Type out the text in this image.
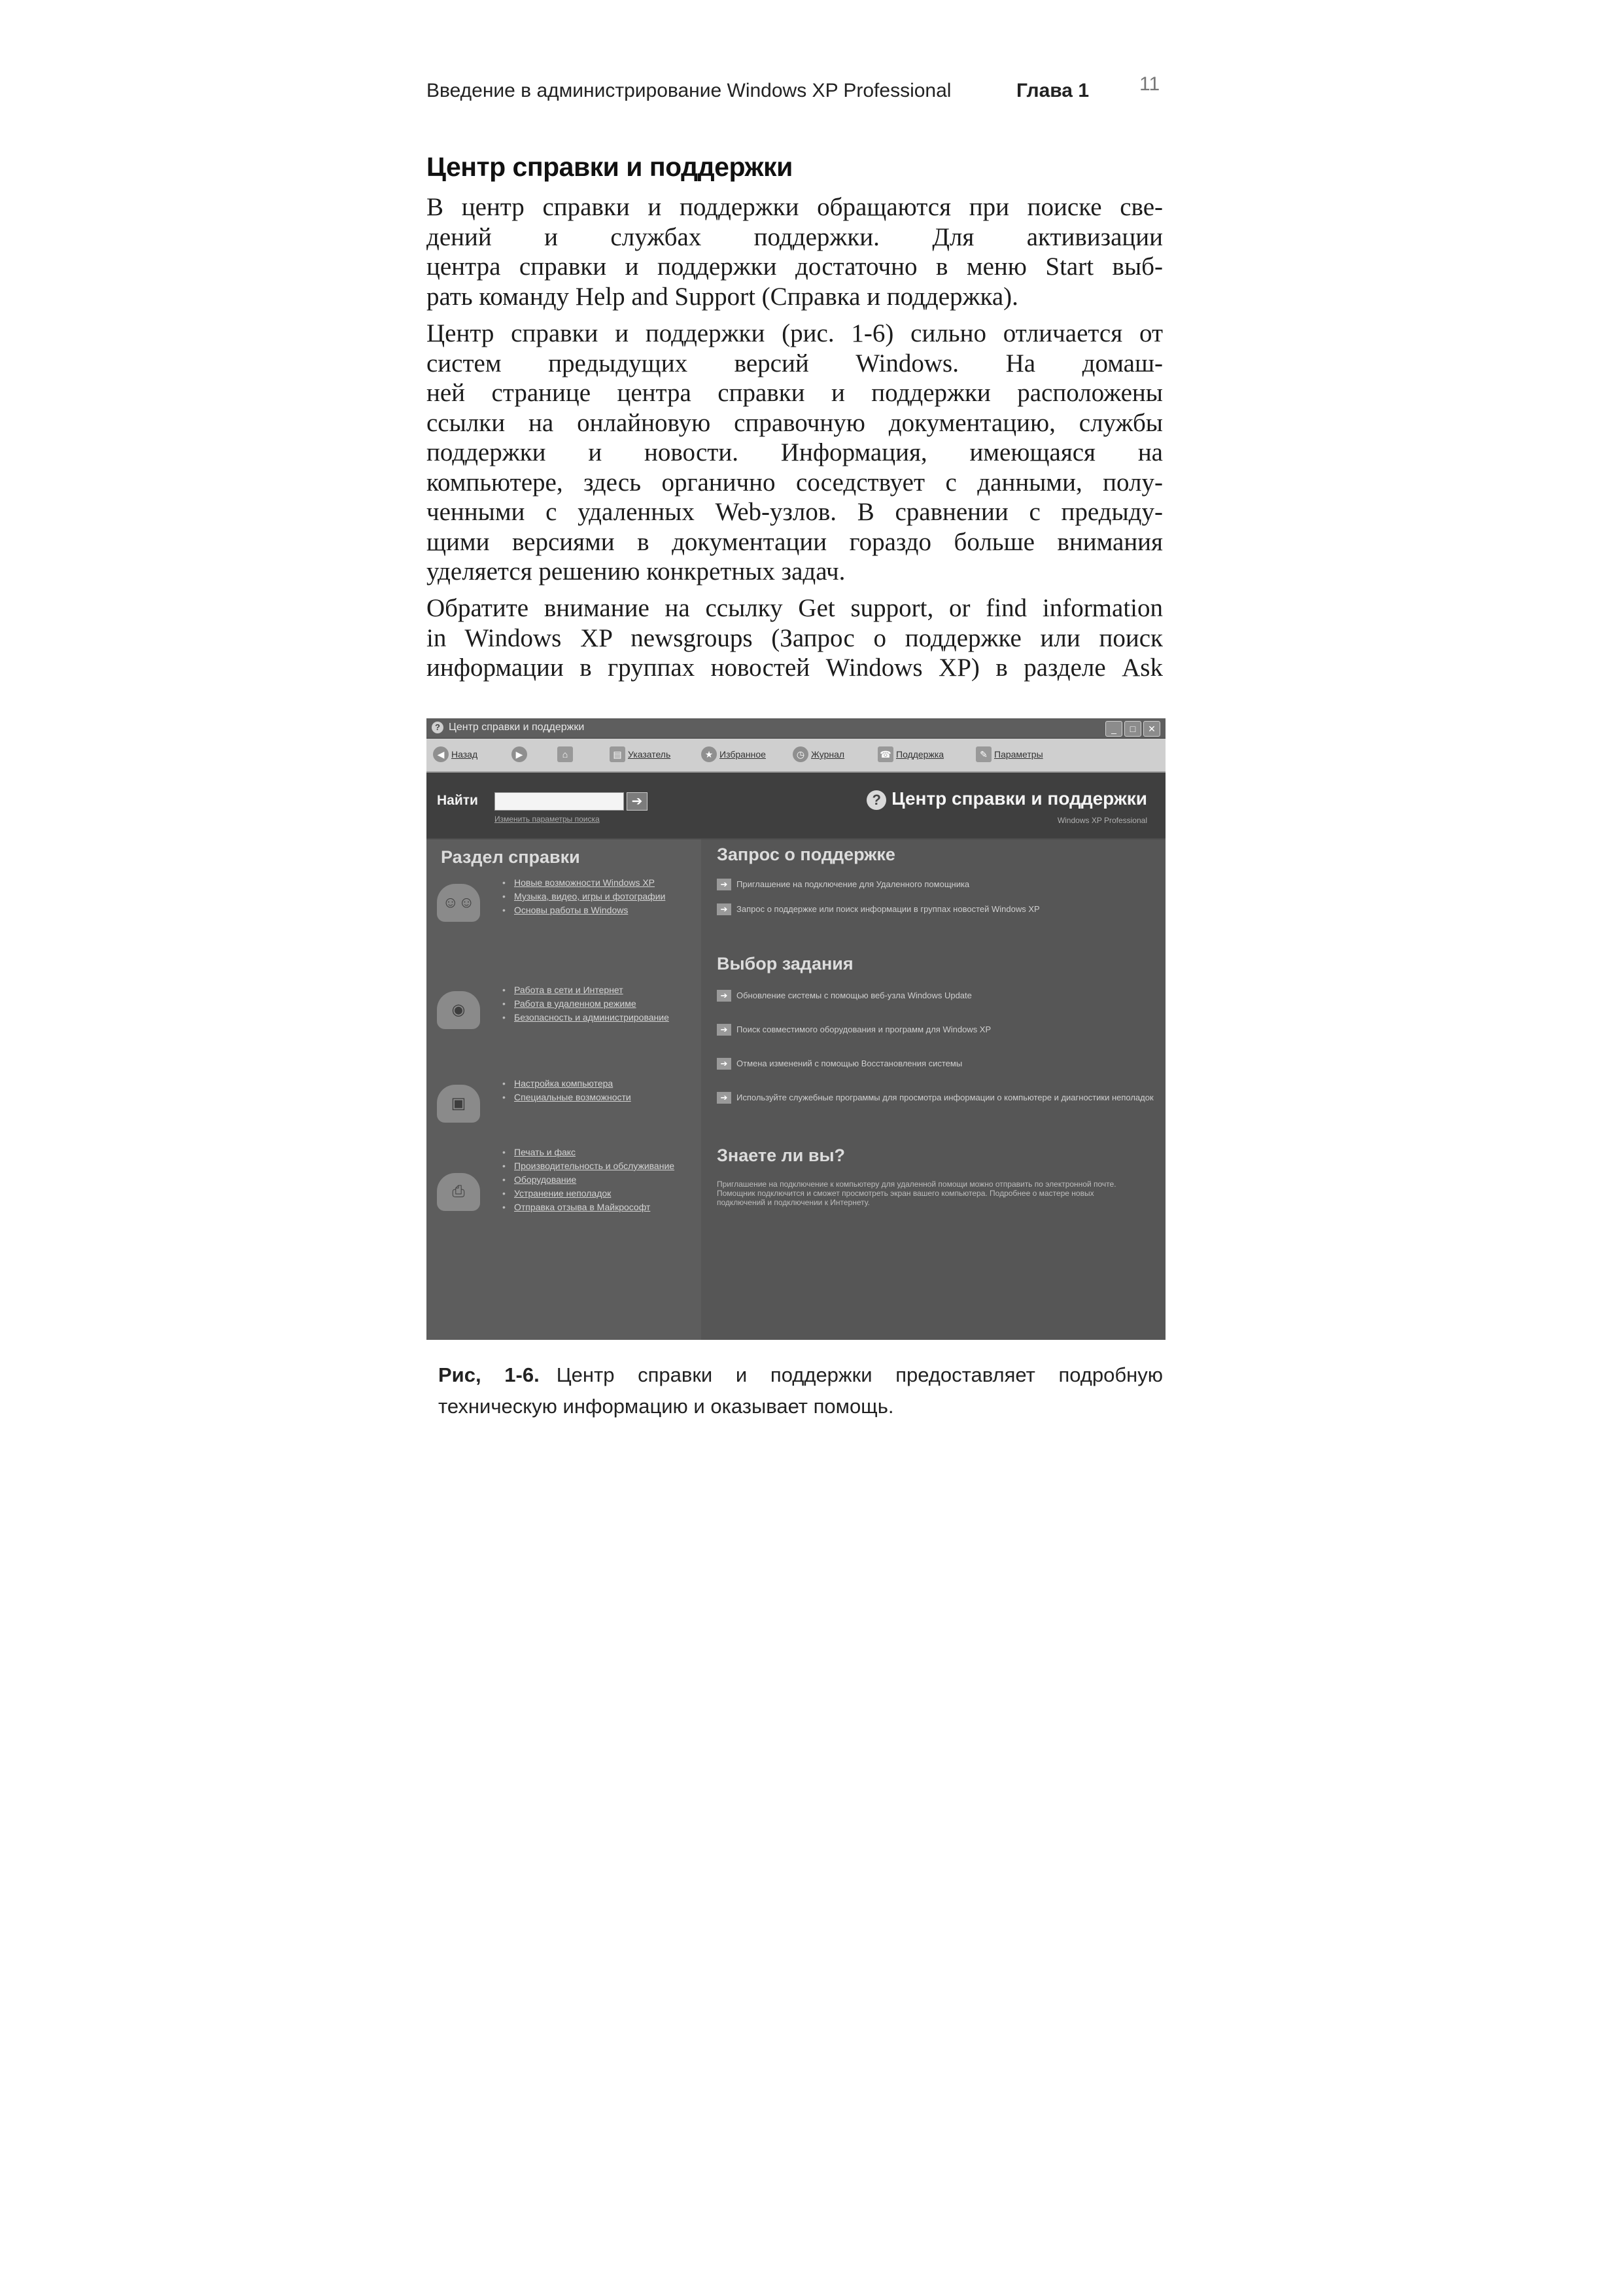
Введение в администрирование Windows XP Professional	Глава 1	11
Центр справки и поддержки
В центр справки и поддержки обращаются при поиске све-
дений и службах поддержки. Для активизации
центра справки и поддержки достаточно в меню Start выб-
рать команду Help and Support (Справка и поддержка).
Центр справки и поддержки (рис. 1-6) сильно отличается от
систем предыдущих версий Windows. На домаш-
ней странице центра справки и поддержки расположены
ссылки на онлайновую справочную документацию, службы
поддержки и новости. Информация, имеющаяся на
компьютере, здесь органично соседствует с данными, полу-
ченными с удаленных Web-узлов. В сравнении с предыду-
щими версиями в документации гораздо больше внимания
уделяется решению конкретных задач.
Обратите внимание на ссылку Get support, or find information
in Windows XP newsgroups (Запрос о поддержке или поиск
информации в группах новостей Windows XP) в разделе Ask
? Центр справки и поддержки	_ □ ✕
◀ Назад	▶	⌂	▤ Указатель	★ Избранное	◷ Журнал	☎ Поддержка	✎ Параметры
Найти	➔
Изменить параметры поиска
? Центр справки и поддержки
Windows XP Professional
Раздел справки
☺☺
• Новые возможности Windows XP
• Музыка, видео, игры и фотографии
• Основы работы в Windows
◉
• Работа в сети и Интернет
• Работа в удаленном режиме
• Безопасность и администрирование
▣
• Настройка компьютера
• Специальные возможности
⎙
• Печать и факс
• Производительность и обслуживание
• Оборудование
• Устранение неполадок
• Отправка отзыва в Майкрософт
Запрос о поддержке
➔ Приглашение на подключение для Удаленного помощника
➔ Запрос о поддержке или поиск информации в группах новостей Windows XP
Выбор задания
➔ Обновление системы с помощью веб-узла Windows Update
➔ Поиск совместимого оборудования и программ для Windows XP
➔ Отмена изменений с помощью Восстановления системы
➔ Используйте служебные программы для просмотра информации о компьютере и диагностики неполадок
Знаете ли вы?
Приглашение на подключение к компьютеру для удаленной помощи можно отправить по электронной почте. Помощник подключится и сможет просмотреть экран вашего компьютера. Подробнее о мастере новых подключений и подключении к Интернету.
Рис, 1-6. Центр справки и поддержки предоставляет подробную
техническую информацию и оказывает помощь.
